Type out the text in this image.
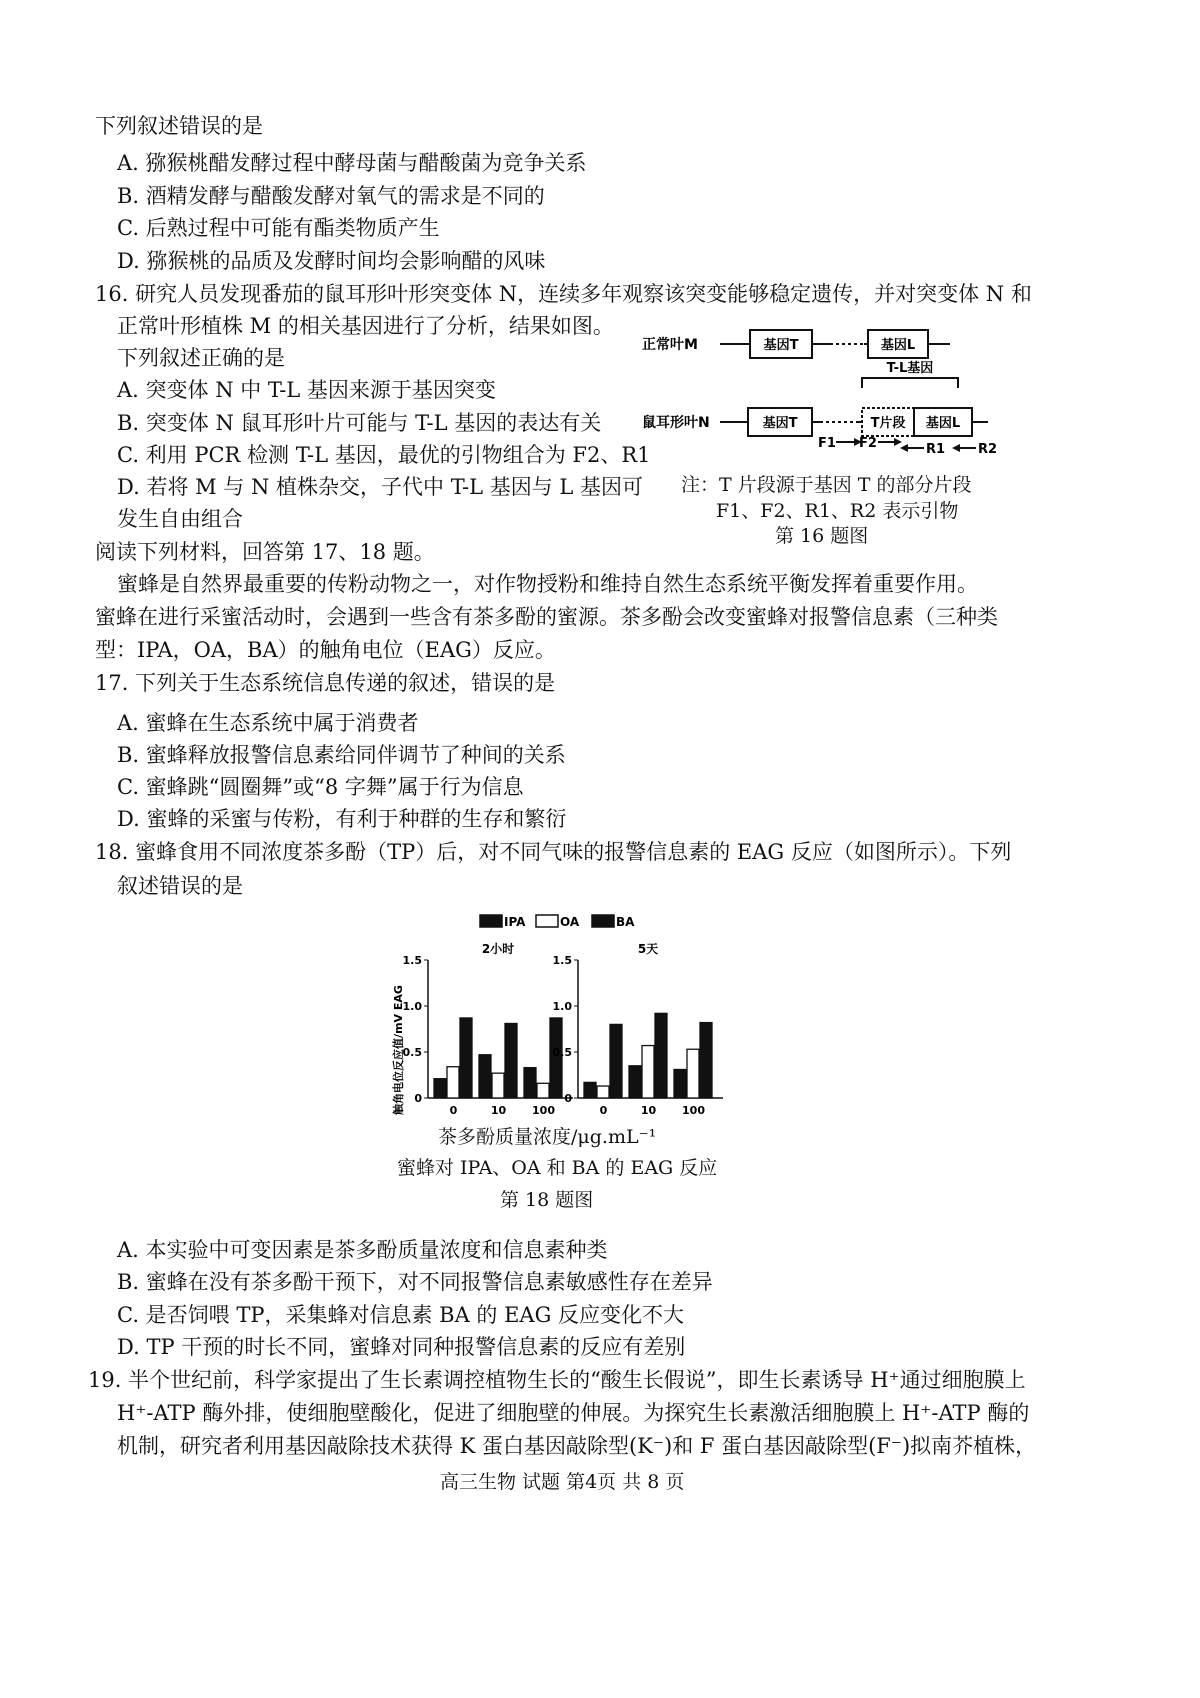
下列叙述错误的是
A. 猕猴桃醋发酵过程中酵母菌与醋酸菌为竞争关系
B. 酒精发酵与醋酸发酵对氧气的需求是不同的
C. 后熟过程中可能有酯类物质产生
D. 猕猴桃的品质及发酵时间均会影响醋的风味
16. 研究人员发现番茄的鼠耳形叶形突变体 N，连续多年观察该突变能够稳定遗传，并对突变体 N 和
正常叶形植株 M 的相关基因进行了分析，结果如图。
下列叙述正确的是
A. 突变体 N 中 T-L 基因来源于基因突变
B. 突变体 N 鼠耳形叶片可能与 T-L 基因的表达有关
C. 利用 PCR 检测 T-L 基因，最优的引物组合为 F2、R1
D. 若将 M 与 N 植株杂交，子代中 T-L 基因与 L 基因可
发生自由组合
正常叶M
鼠耳形叶N
基因T	基因L
T-L基因
基因T	T片段 基因L
F1 F2	R1	R2
注：T 片段源于基因 T 的部分片段
F1、F2、R1、R2 表示引物
第 16 题图
阅读下列材料，回答第 17、18 题。
蜜蜂是自然界最重要的传粉动物之一，对作物授粉和维持自然生态系统平衡发挥着重要作用。
蜜蜂在进行采蜜活动时，会遇到一些含有茶多酚的蜜源。茶多酚会改变蜜蜂对报警信息素（三种类
型：IPA，OA，BA）的触角电位（EAG）反应。
17. 下列关于生态系统信息传递的叙述，错误的是
A. 蜜蜂在生态系统中属于消费者
B. 蜜蜂释放报警信息素给同伴调节了种间的关系
C. 蜜蜂跳“圆圈舞”或“8 字舞”属于行为信息
D. 蜜蜂的采蜜与传粉，有利于种群的生存和繁衍
18. 蜜蜂食用不同浓度茶多酚（TP）后，对不同气味的报警信息素的 EAG 反应（如图所示）。下列
叙述错误的是
IPA	OA	BA
触角电位反应值/mV EAG 0
0.5
1.0
1.5
2小时
0	10 100
0
0.5
1.0
1.5
5天
0	10 100
茶多酚质量浓度/μg.mL⁻¹
蜜蜂对 IPA、OA 和 BA 的 EAG 反应
第 18 题图
A. 本实验中可变因素是茶多酚质量浓度和信息素种类
B. 蜜蜂在没有茶多酚干预下，对不同报警信息素敏感性存在差异
C. 是否饲喂 TP，采集蜂对信息素 BA 的 EAG 反应变化不大
D. TP 干预的时长不同，蜜蜂对同种报警信息素的反应有差别
19. 半个世纪前，科学家提出了生长素调控植物生长的“酸生长假说”，即生长素诱导 H⁺通过细胞膜上
H⁺-ATP 酶外排，使细胞壁酸化，促进了细胞壁的伸展。为探究生长素激活细胞膜上 H⁺-ATP 酶的
机制，研究者利用基因敲除技术获得 K 蛋白基因敲除型(K⁻)和 F 蛋白基因敲除型(F⁻)拟南芥植株，
高三生物 试题 第4页 共 8 页
